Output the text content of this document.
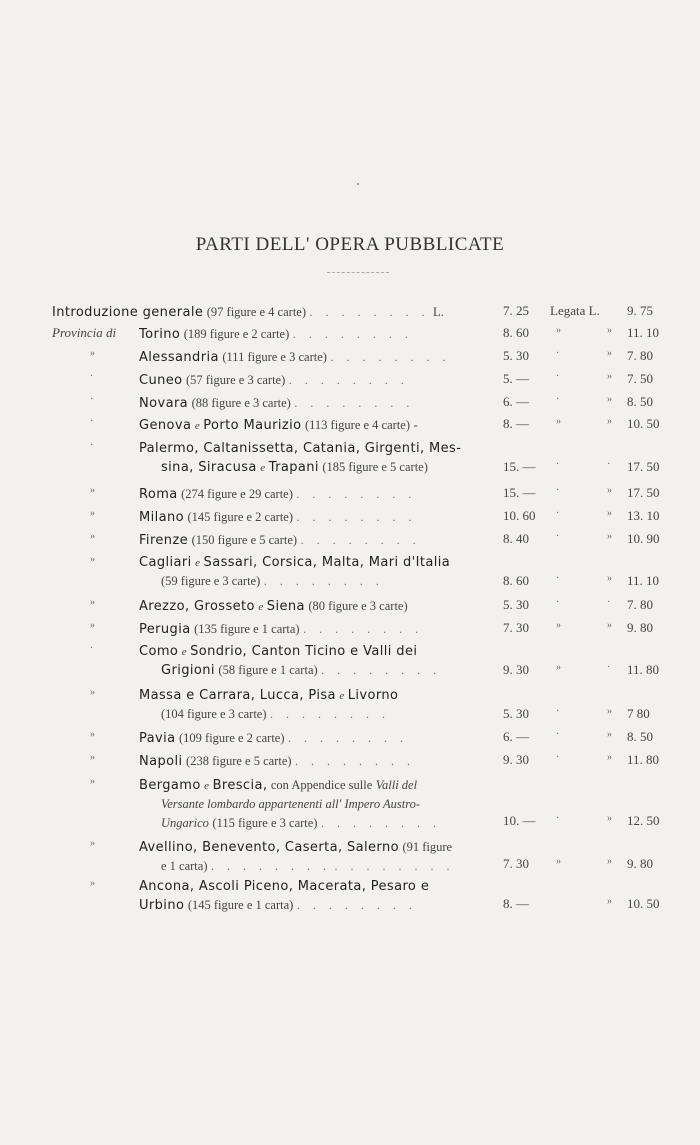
PARTI DELL' OPERA PUBBLICATE
Introduzione generale (97 figure e 4 carte) . . . . . . . . L.	7. 25 Legata L. 9. 75
Provincia di	Torino (189 figure e 2 carte) . . . . . . . .	8. 60	»	» 11. 10
»	Alessandria (111 figure e 3 carte) . . . . . . . .	5. 30	·	» 7. 80
·	Cuneo (57 figure e 3 carte) . . . . . . . .	5. —	·	» 7. 50
·	Novara (88 figure e 3 carte) . . . . . . . .	6. —	·	» 8. 50
·	Genova e Porto Maurizio (113 figure e 4 carte) -	8. —	»	» 10. 50
·	Palermo, Caltanissetta, Catania, Girgenti, Mes-
sina, Siracusa e Trapani (185 figure e 5 carte)	15. — ·	· 17. 50
»	Roma (274 figure e 29 carte) . . . . . . . .	15. — ·	» 17. 50
»	Milano (145 figure e 2 carte) . . . . . . . .	10. 60 ·	» 13. 10
»	Firenze (150 figure e 5 carte) . . . . . . . .	8. 40	·	» 10. 90
»	Cagliari e Sassari, Corsica, Malta, Mari d'Italia
(59 figure e 3 carte) . . . . . . . .	8. 60	·	» 11. 10
»	Arezzo, Grosseto e Siena (80 figure e 3 carte)	5. 30	·	· 7. 80
»	Perugia (135 figure e 1 carta) . . . . . . . .	7. 30	»	» 9. 80
·	Como e Sondrio, Canton Ticino e Valli dei
Grigioni (58 figure e 1 carta) . . . . . . . .	9. 30	»	· 11. 80
»	Massa e Carrara, Lucca, Pisa e Livorno
(104 figure e 3 carte) . . . . . . . .	5. 30	·	» 7 80
»	Pavia (109 figure e 2 carte) . . . . . . . .	6. —	·	» 8. 50
»	Napoli (238 figure e 5 carte) . . . . . . . .	9. 30	·	» 11. 80
»	Bergamo e Brescia, con Appendice sulle Valli del
Versante lombardo appartenenti all' Impero Austro-
Ungarico (115 figure e 3 carte) . . . . . . . .	10. — ·	» 12. 50
»	Avellino, Benevento, Caserta, Salerno (91 figure
e 1 carta) . . . . . . . . . . . . . . . .	7. 30	»	» 9. 80
»	Ancona, Ascoli Piceno, Macerata, Pesaro e
Urbino (145 figure e 1 carta) . . . . . . . .	8. —	» 10. 50
